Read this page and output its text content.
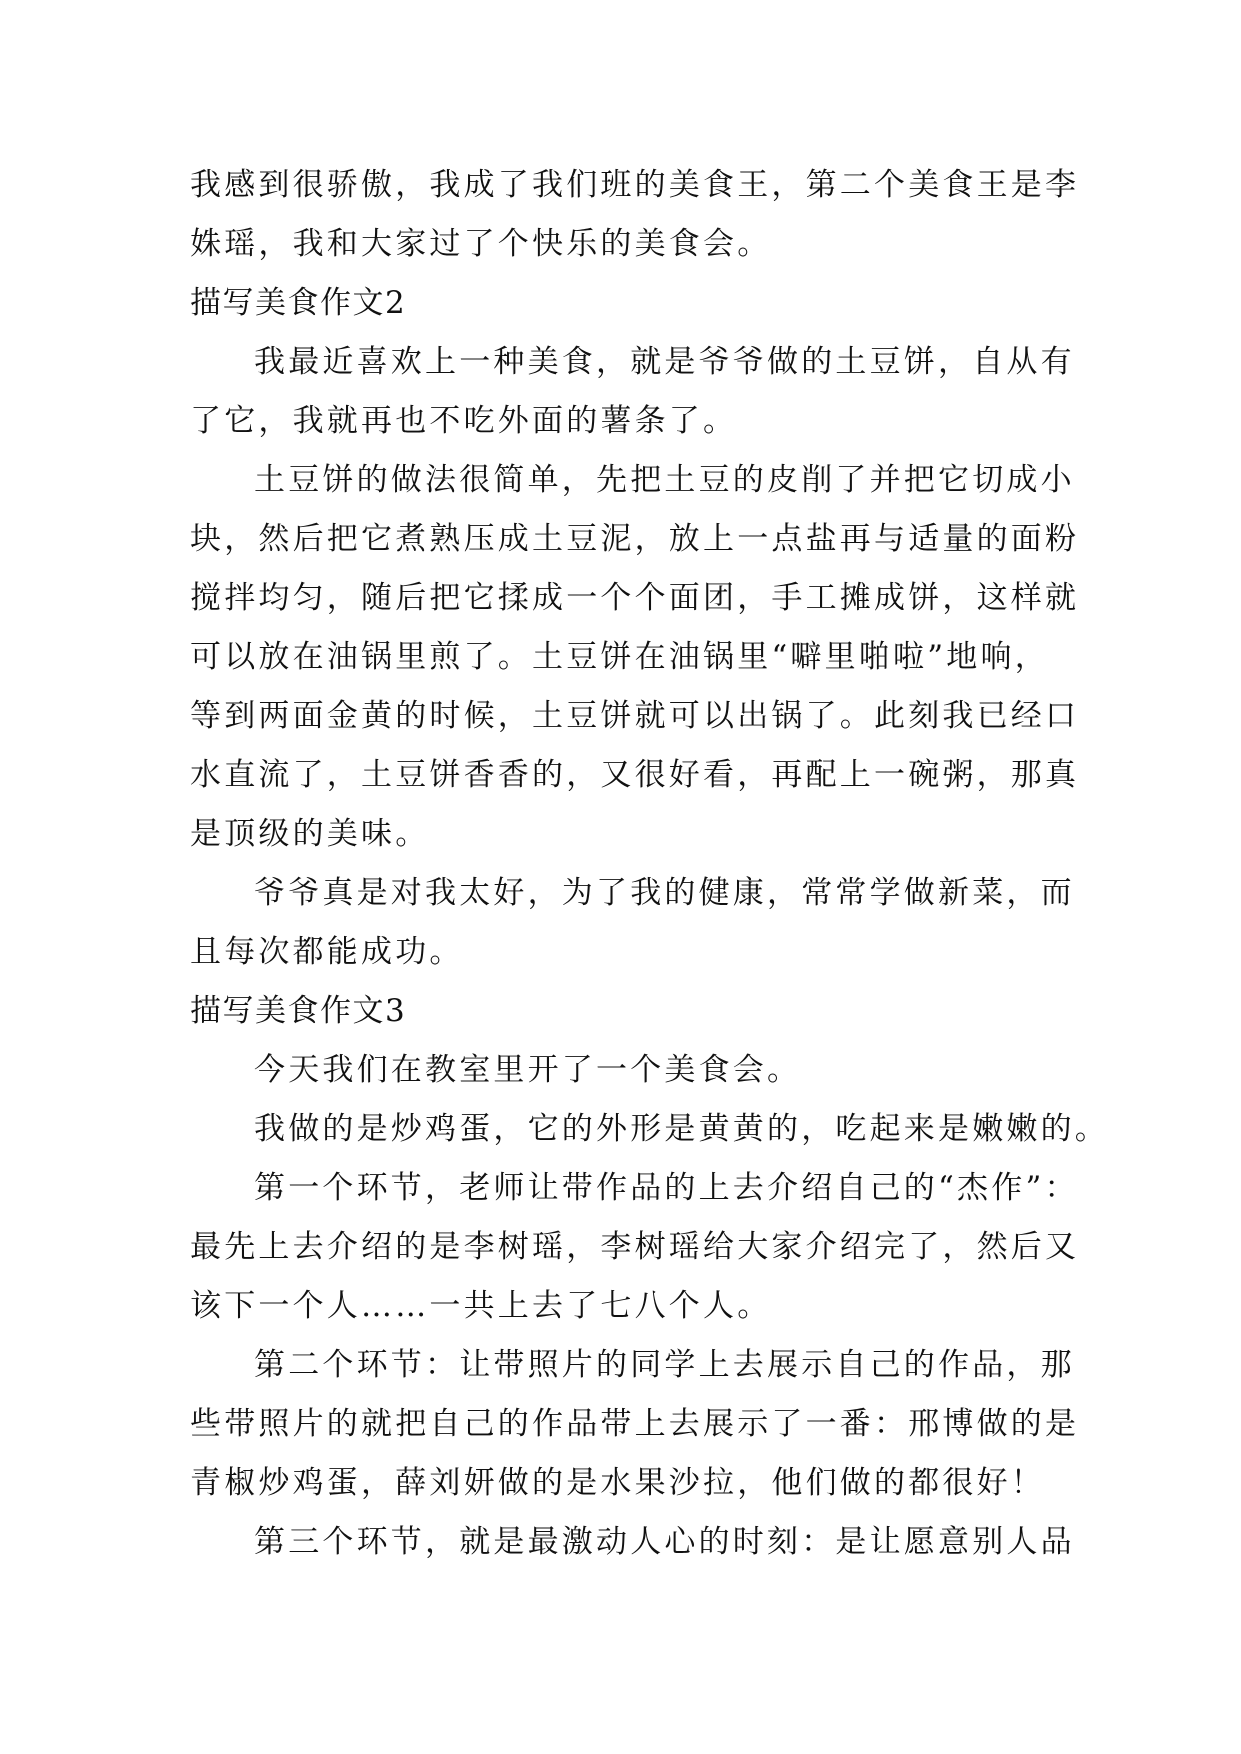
我感到很骄傲，我成了我们班的美食王，第二个美食王是李
姝瑶，我和大家过了个快乐的美食会。
描写美食作文2
我最近喜欢上一种美食，就是爷爷做的土豆饼，自从有
了它，我就再也不吃外面的薯条了。
土豆饼的做法很简单，先把土豆的皮削了并把它切成小
块，然后把它煮熟压成土豆泥，放上一点盐再与适量的面粉
搅拌均匀，随后把它揉成一个个面团，手工摊成饼，这样就
可以放在油锅里煎了。土豆饼在油锅里“噼里啪啦”地响，
等到两面金黄的时候，土豆饼就可以出锅了。此刻我已经口
水直流了，土豆饼香香的，又很好看，再配上一碗粥，那真
是顶级的美味。
爷爷真是对我太好，为了我的健康，常常学做新菜，而
且每次都能成功。
描写美食作文3
今天我们在教室里开了一个美食会。
我做的是炒鸡蛋，它的外形是黄黄的，吃起来是嫩嫩的。
第一个环节，老师让带作品的上去介绍自己的“杰作”：
最先上去介绍的是李树瑶，李树瑶给大家介绍完了，然后又
该下一个人……一共上去了七八个人。
第二个环节：让带照片的同学上去展示自己的作品，那
些带照片的就把自己的作品带上去展示了一番：邢博做的是
青椒炒鸡蛋，薛刘妍做的是水果沙拉，他们做的都很好！
第三个环节，就是最激动人心的时刻：是让愿意别人品
